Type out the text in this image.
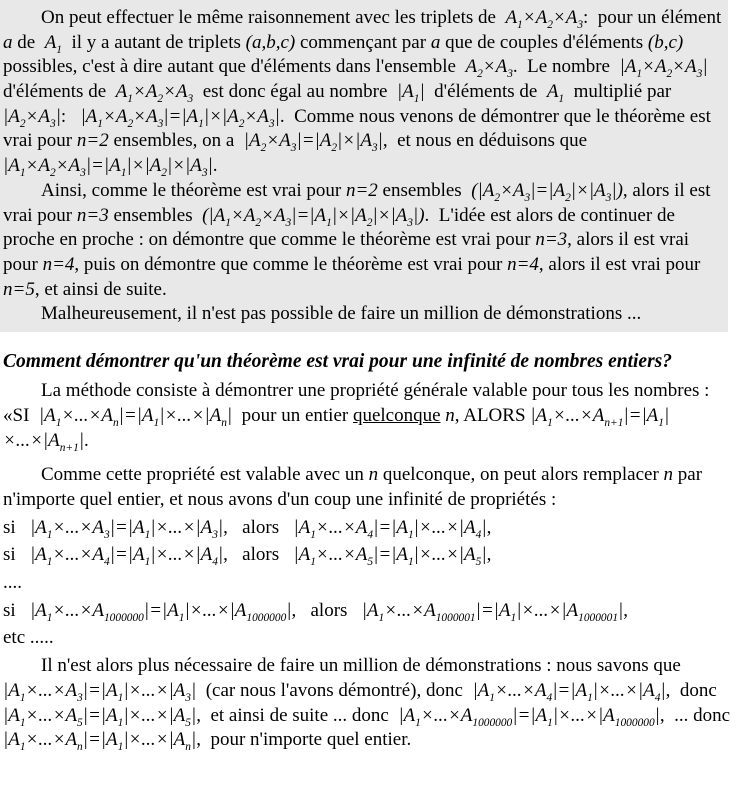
On peut effectuer le même raisonnement avec les triplets de  $A_1\times A_2\times A_3$:  pour un élément a de  $A_1$  il y a autant de triplets (a,b,c) commençant par a que de couples d'éléments (b,c) possibles, c'est à dire autant que d'éléments dans l'ensemble  $A_2\times A_3$.  Le nombre  $|A_1\times A_2\times A_3|$  d'éléments de  $A_1\times A_2\times A_3$  est donc égal au nombre  $|A_1|$  d'éléments de  $A_1$  multiplié par  $|A_2\times A_3|$:   $|A_1\times A_2\times A_3|=|A_1|\times|A_2\times A_3|$.  Comme nous venons de démontrer que le théorème est vrai pour n=2 ensembles, on a  $|A_2\times A_3|=|A_2|\times|A_3|$,  et nous en déduisons que  $|A_1\times A_2\times A_3|=|A_1|\times|A_2|\times|A_3|$.
Ainsi, comme le théorème est vrai pour n=2 ensembles  $(|A_2\times A_3|=|A_2|\times|A_3|)$, alors il est vrai pour n=3 ensembles  $(|A_1\times A_2\times A_3|=|A_1|\times|A_2|\times|A_3|)$.  L'idée est alors de continuer de proche en proche : on démontre que comme le théorème est vrai pour n=3, alors il est vrai pour n=4, puis on démontre que comme le théorème est vrai pour n=4, alors il est vrai pour n=5, et ainsi de suite.
Malheureusement, il n'est pas possible de faire un million de démonstrations ...
Comment démontrer qu'un théorème est vrai pour une infinité de nombres entiers?
La méthode consiste à démontrer une propriété générale valable pour tous les nombres : «SI  $|A_1\times...\times A_n|=|A_1|\times...\times|A_n|$  pour un entier quelconque n, ALORS $|A_1\times...\times A_{n+1}|=|A_1|\times...\times|A_{n+1}|$.
Comme cette propriété est valable avec un n quelconque, on peut alors remplacer n par n'importe quel entier, et nous avons d'un coup une infinité de propriétés :
si   $|A_1\times...\times A_3|=|A_1|\times...\times|A_3|$,   alors   $|A_1\times...\times A_4|=|A_1|\times...\times|A_4|$,
si   $|A_1\times...\times A_4|=|A_1|\times...\times|A_4|$,   alors   $|A_1\times...\times A_5|=|A_1|\times...\times|A_5|$,
....
si   $|A_1\times...\times A_{1000000}|=|A_1|\times...\times|A_{1000000}|$,   alors   $|A_1\times...\times A_{1000001}|=|A_1|\times...\times|A_{1000001}|$,
etc .....
Il n'est alors plus nécessaire de faire un million de démonstrations : nous savons que  $|A_1\times...\times A_3|=|A_1|\times...\times|A_3|$  (car nous l'avons démontré), donc  $|A_1\times...\times A_4|=|A_1|\times...\times|A_4|$,  donc  $|A_1\times...\times A_5|=|A_1|\times...\times|A_5|$,  et ainsi de suite ... donc  $|A_1\times...\times A_{1000000}|=|A_1|\times...\times|A_{1000000}|$,  ... donc  $|A_1\times...\times A_n|=|A_1|\times...\times|A_n|$,  pour n'importe quel entier.
